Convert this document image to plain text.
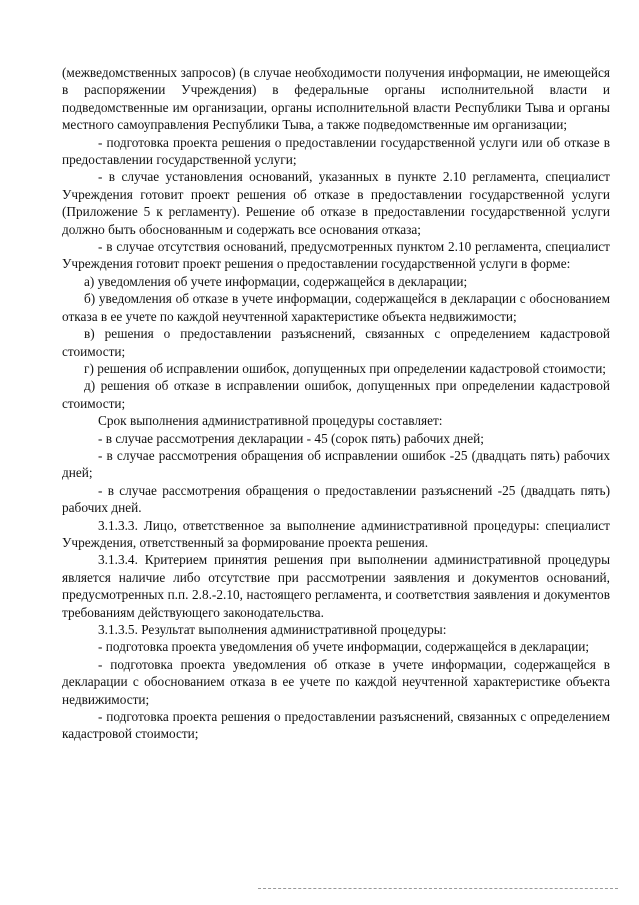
(межведомственных запросов) (в случае необходимости получения информации, не имеющейся в распоряжении Учреждения) в федеральные органы исполнительной власти и подведомственные им организации, органы исполнительной власти Республики Тыва и органы местного самоуправления Республики Тыва, а также подведомственные им организации;

- подготовка проекта решения о предоставлении государственной услуги или об отказе в предоставлении государственной услуги;

- в случае установления оснований, указанных в пункте 2.10 регламента, специалист Учреждения готовит проект решения об отказе в предоставлении государственной услуги (Приложение 5 к регламенту). Решение об отказе в предоставлении государственной услуги должно быть обоснованным и содержать все основания отказа;

- в случае отсутствия оснований, предусмотренных пунктом 2.10 регламента, специалист Учреждения готовит проект решения о предоставлении государственной услуги в форме:

а) уведомления об учете информации, содержащейся в декларации;

б) уведомления об отказе в учете информации, содержащейся в декларации с обоснованием отказа в ее учете по каждой неучтенной характеристике объекта недвижимости;

в) решения о предоставлении разъяснений, связанных с определением кадастровой стоимости;

г) решения об исправлении ошибок, допущенных при определении кадастровой стоимости;

д) решения об отказе в исправлении ошибок, допущенных при определении кадастровой стоимости;

Срок выполнения административной процедуры составляет:

- в случае рассмотрения декларации - 45 (сорок пять) рабочих дней;

- в случае рассмотрения обращения об исправлении ошибок -25 (двадцать пять) рабочих дней;

- в случае рассмотрения обращения о предоставлении разъяснений -25 (двадцать пять) рабочих дней.

3.1.3.3. Лицо, ответственное за выполнение административной процедуры: специалист Учреждения, ответственный за формирование проекта решения.

3.1.3.4. Критерием принятия решения при выполнении административной процедуры является наличие либо отсутствие при рассмотрении заявления и документов оснований, предусмотренных п.п. 2.8.-2.10, настоящего регламента, и соответствия заявления и документов требованиям действующего законодательства.

3.1.3.5. Результат выполнения административной процедуры:

- подготовка проекта уведомления об учете информации, содержащейся в декларации;

- подготовка проекта уведомления об отказе в учете информации, содержащейся в декларации с обоснованием отказа в ее учете по каждой неучтенной характеристике объекта недвижимости;

- подготовка проекта решения о предоставлении разъяснений, связанных с определением кадастровой стоимости;
